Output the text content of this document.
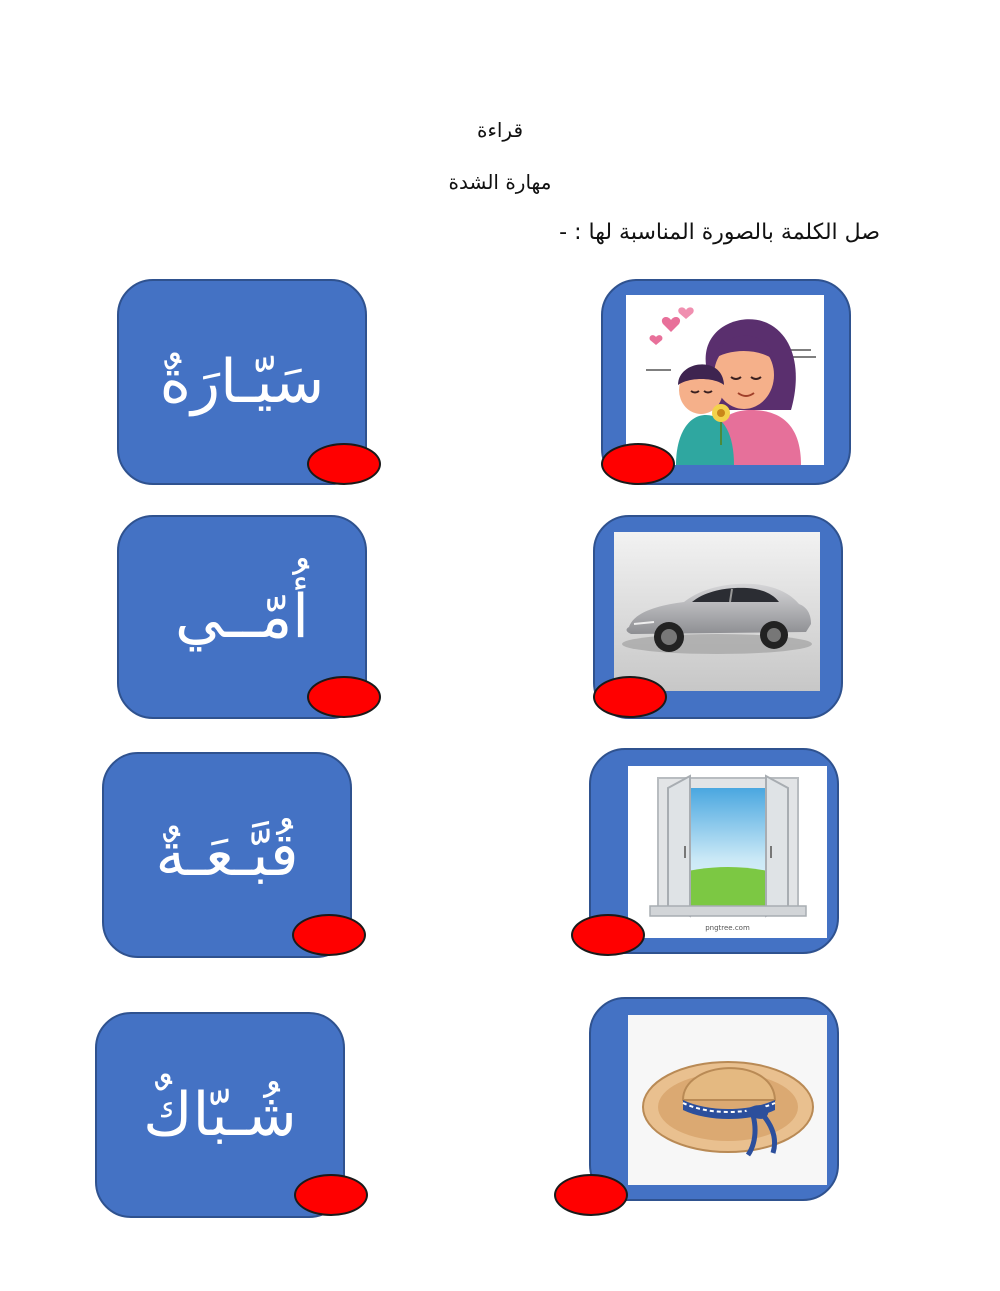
قراءة
مهارة الشدة
صل الكلمة بالصورة المناسبة لها : -
سَيّـارَةٌ
أُمّــي
قُبَّـعَـةٌ
شُـبّاكٌ
pngtree.com
